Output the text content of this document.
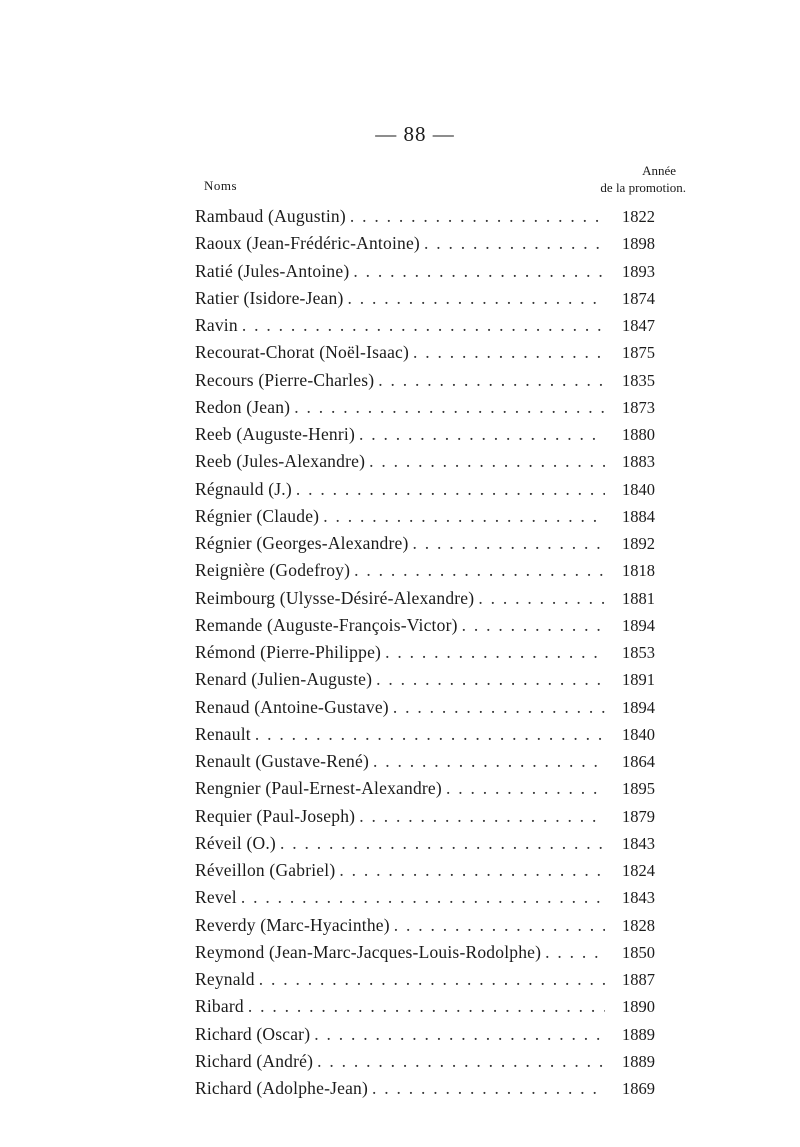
— 88 —
Noms
Année
de la promotion.
Rambaud (Augustin) . . .	1822
Raoux (Jean-Frédéric-Antoine) . . .	1898
Ratié (Jules-Antoine) . . .	1893
Ratier (Isidore-Jean) . . .	1874
Ravin . . .	1847
Recourat-Chorat (Noël-Isaac) . . .	1875
Recours (Pierre-Charles) . . .	1835
Redon (Jean) . . .	1873
Reeb (Auguste-Henri) . . .	1880
Reeb (Jules-Alexandre) . . .	1883
Régnauld (J.) . . .	1840
Régnier (Claude) . . .	1884
Régnier (Georges-Alexandre) . . .	1892
Reignière (Godefroy) . . .	1818
Reimbourg (Ulysse-Désiré-Alexandre) . . .	1881
Remande (Auguste-François-Victor) . . .	1894
Rémond (Pierre-Philippe) . . .	1853
Renard (Julien-Auguste) . . .	1891
Renaud (Antoine-Gustave) . . .	1894
Renault . . .	1840
Renault (Gustave-René) . . .	1864
Rengnier (Paul-Ernest-Alexandre) . . .	1895
Requier (Paul-Joseph) . . .	1879
Réveil (O.) . . .	1843
Réveillon (Gabriel) . . .	1824
Revel . . .	1843
Reverdy (Marc-Hyacinthe) . . .	1828
Reymond (Jean-Marc-Jacques-Louis-Rodolphe) . . .	1850
Reynald . . .	1887
Ribard . . .	1890
Richard (Oscar) . . .	1889
Richard (André) . . .	1889
Richard (Adolphe-Jean) . . .	1869
